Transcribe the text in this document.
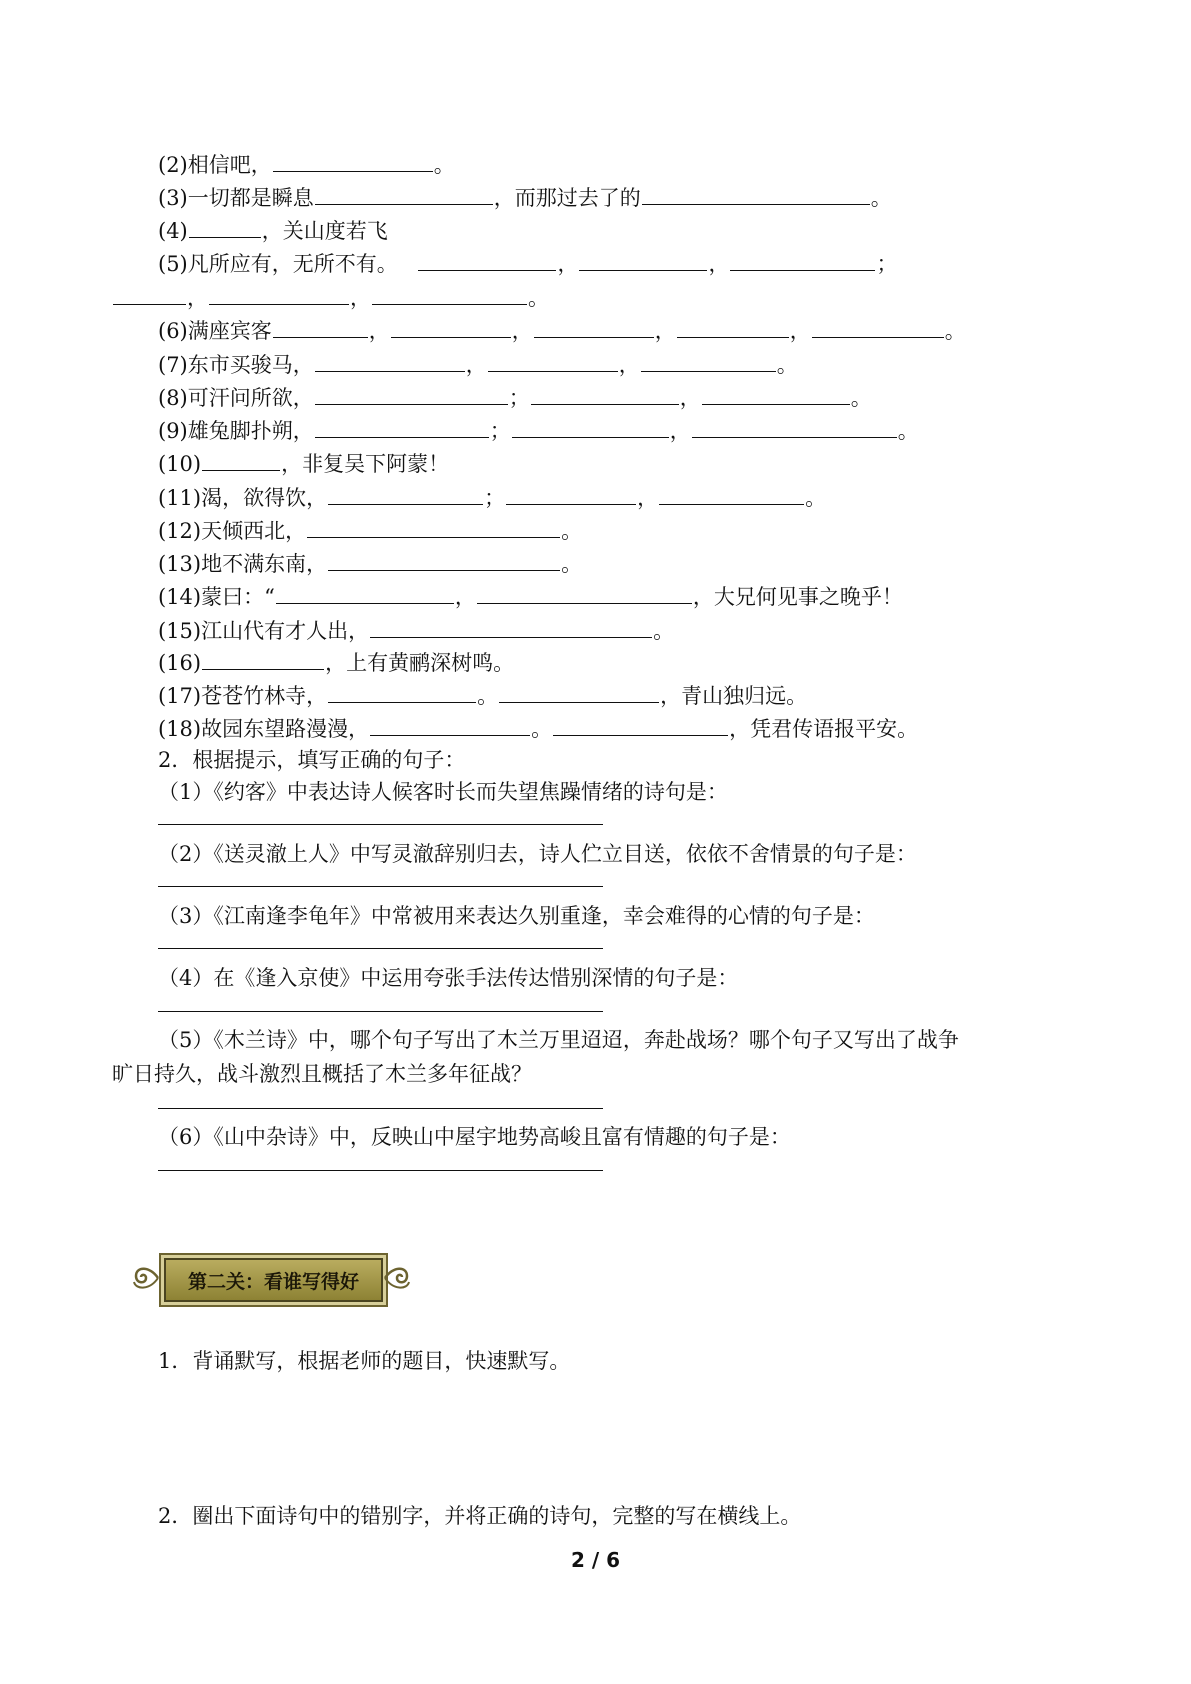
(2)相信吧，	。
(3)一切都是瞬息	，而那过去了的	。
(4)	，关山度若飞
(5)凡所应有，无所不有。	，	，	；
，	，	。
(6)满座宾客	，	，	，	，	。
(7)东市买骏马，	，	，	。
(8)可汗问所欲，	；	，	。
(9)雄兔脚扑朔，	；	，	。
(10)	，非复吴下阿蒙！
(11)渴，欲得饮，	；	，	。
(12)天倾西北，	。
(13)地不满东南，	。
(14)蒙曰：“	，	，大兄何见事之晚乎！
(15)江山代有才人出，	。
(16)	，上有黄鹂深树鸣。
(17)苍苍竹林寺，	。	，青山独归远。
(18)故园东望路漫漫，	。	，凭君传语报平安。
2．根据提示，填写正确的句子：
（1）《约客》中表达诗人候客时长而失望焦躁情绪的诗句是：
（2）《送灵澈上人》中写灵澈辞别归去，诗人伫立目送，依依不舍情景的句子是：
（3）《江南逢李龟年》中常被用来表达久别重逢，幸会难得的心情的句子是：
（4）在《逢入京使》中运用夸张手法传达惜别深情的句子是：
（5）《木兰诗》中，哪个句子写出了木兰万里迢迢，奔赴战场？哪个句子又写出了战争
旷日持久，战斗激烈且概括了木兰多年征战？
（6）《山中杂诗》中，反映山中屋宇地势高峻且富有情趣的句子是：
第二关：看谁写得好
1．背诵默写，根据老师的题目，快速默写。
2．圈出下面诗句中的错别字，并将正确的诗句，完整的写在横线上。
2 / 6
